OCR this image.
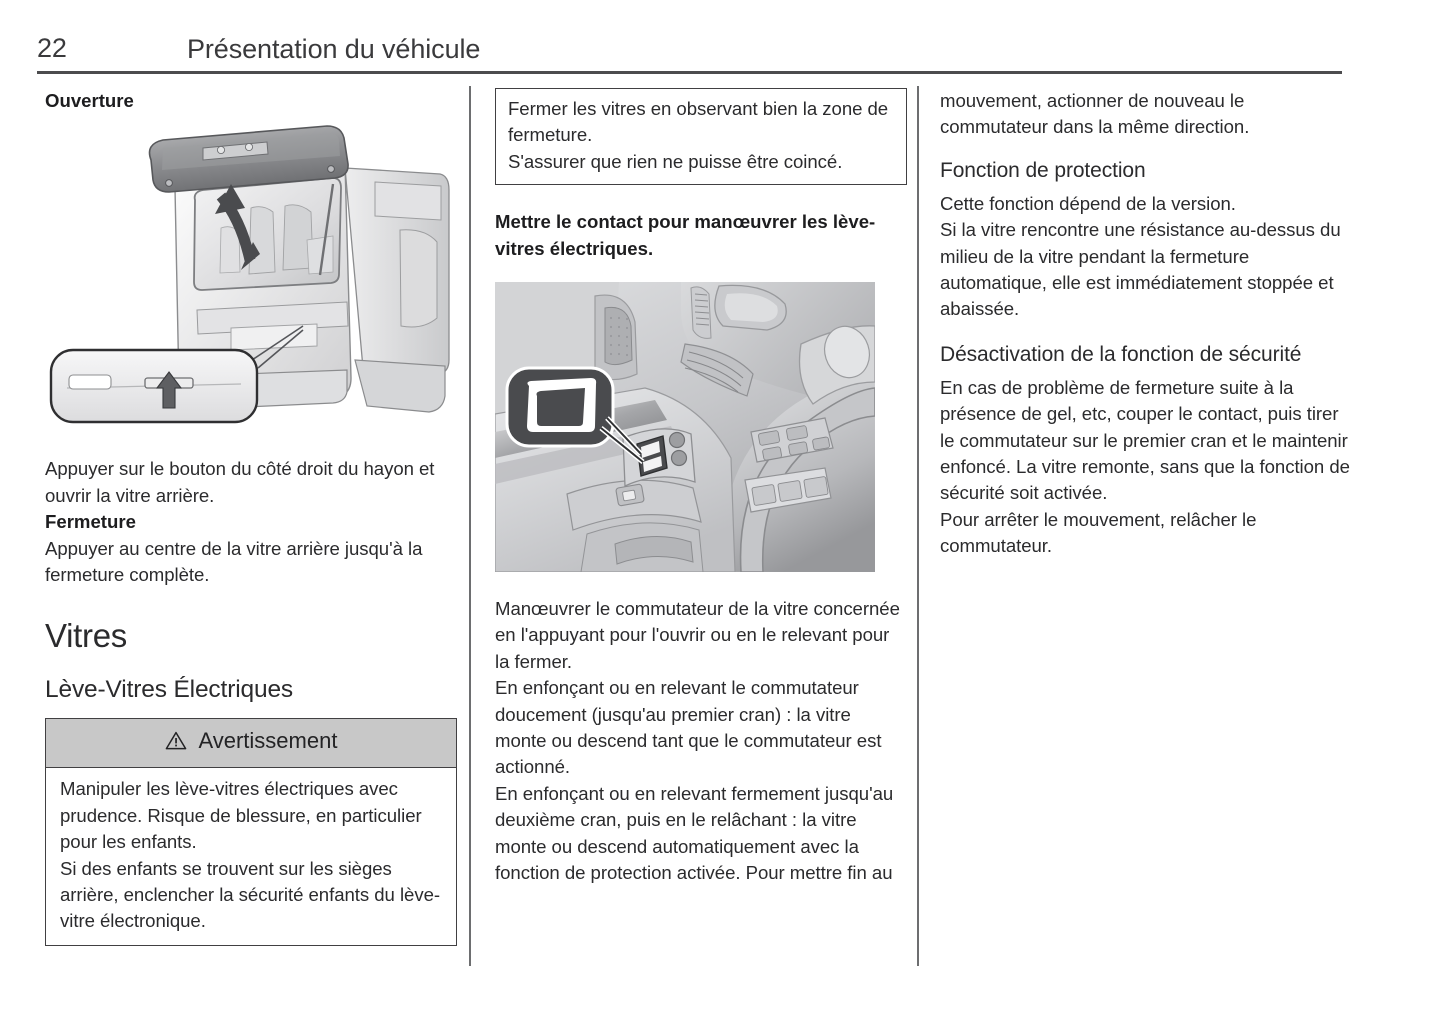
22	Présentation du véhicule
Ouverture

Appuyer sur le bouton du côté droit du hayon et ouvrir la vitre arrière.

Fermeture

Appuyer au centre de la vitre arrière jusqu'à la fermeture complète.

Vitres
Lève-Vitres Électriques
Avertissement

Manipuler les lève-vitres électriques avec prudence. Risque de blessure, en particulier pour les enfants.

Si des enfants se trouvent sur les sièges arrière, enclencher la sécurité enfants du lève-vitre électronique.

Fermer les vitres en observant bien la zone de fermeture.

S'assurer que rien ne puisse être coincé.

Mettre le contact pour manœuvrer les lève-vitres électriques.

Manœuvrer le commutateur de la vitre concernée en l'appuyant pour l'ouvrir ou en le relevant pour la fermer.

En enfonçant ou en relevant le commutateur doucement (jusqu'au premier cran) : la vitre monte ou descend tant que le commutateur est actionné.

En enfonçant ou en relevant fermement jusqu'au deuxième cran, puis en le relâchant : la vitre monte ou descend automatiquement avec la fonction de protection activée. Pour mettre fin au

mouvement, actionner de nouveau le commutateur dans la même direction.

Fonction de protection

Cette fonction dépend de la version.

Si la vitre rencontre une résistance au-dessus du milieu de la vitre pendant la fermeture automatique, elle est immédiatement stoppée et abaissée.

Désactivation de la fonction de sécurité

En cas de problème de fermeture suite à la présence de gel, etc, couper le contact, puis tirer le commutateur sur le premier cran et le maintenir enfoncé. La vitre remonte, sans que la fonction de sécurité soit activée.

Pour arrêter le mouvement, relâcher le commutateur.
